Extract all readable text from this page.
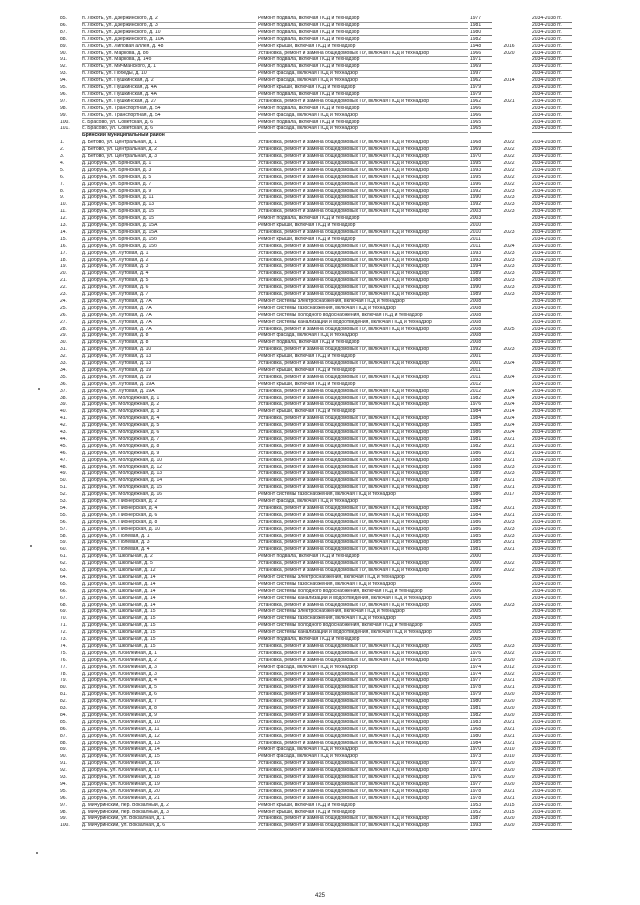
85.	п. Локоть, ул. Дзержинского, д. 2	Ремонт подвала, включая ПСД и технадзор	1977	2034-2038 гг.
86.	п. Локоть, ул. Дзержинского, д. 3	Ремонт подвала, включая ПСД и технадзор	1981	2034-2038 гг.
87.	п. Локоть, ул. Дзержинского, д. 10	Ремонт подвала, включая ПСД и технадзор	1980	2034-2038 гг.
88.	п. Локоть, ул. Дзержинского, д. 10А	Ремонт подвала, включая ПСД и технадзор	1982	2034-2038 гг.
89.	п. Локоть, ул. Липовая аллея, д. 48	Ремонт крыши, включая ПСД и технадзор	1948	2016	2034-2038 гг.
90.	п. Локоть, ул. Маркова, д. 8б	Установка, ремонт и замена общедомовых ПУ, включая ПСД и технадзор	1966	2020	2034-2038 гг.
91.	п. Локоть, ул. Маркова, д. 14б	Ремонт подвала, включая ПСД и технадзор	1971	2034-2038 гг.
92.	п. Локоть, ул. Мичманского, д. 1	Ремонт подвала, включая ПСД и технадзор	1969	2034-2038 гг.
93.	п. Локоть, ул. Победы, д. 10	Ремонт фасада, включая ПСД и технадзор	1997	2034-2038 гг.
94.	п. Локоть, ул. Пушкинская, д. 2	Ремонт фасада, включая ПСД и технадзор	1962	2014	2034-2038 гг.
95.	п. Локоть, ул. Пушкинская, д. 4А	Ремонт крыши, включая ПСД и технадзор	1979	2034-2038 гг.
96.	п. Локоть, ул. Пушкинская, д. 4А	Ремонт подвала, включая ПСД и технадзор	1979	2034-2038 гг.
97.	п. Локоть, ул. Пушкинская, д. 27	Установка, ремонт и замена общедомовых ПУ, включая ПСД и технадзор	1962	2021	2034-2038 гг.
98.	п. Локоть, ул. Транспортная, д. 54	Ремонт подвала, включая ПСД и технадзор	1966	2034-2038 гг.
99.	п. Локоть, ул. Транспортная, д. 54	Ремонт фасада, включая ПСД и технадзор	1966	2034-2038 гг.
100.	с. Брасово, ул. Советская, д. 6	Ремонт подвала, включая ПСД и технадзор	1965	2034-2038 гг.
101.	с. Брасово, ул. Советская, д. 6	Ремонт фасада, включая ПСД и технадзор	1965	2034-2038 гг.
Брянский муниципальный район
1.	д. Бетово, ул. Центральная, д. 1	Установка, ремонт и замена общедомовых ПУ, включая ПСД и технадзор	1968	2022	2034-2038 гг.
2.	д. Бетово, ул. Центральная, д. 2	Установка, ремонт и замена общедомовых ПУ, включая ПСД и технадзор	1969	2022	2034-2038 гг.
3.	д. Бетово, ул. Центральная, д. 3	Установка, ремонт и замена общедомовых ПУ, включая ПСД и технадзор	1970	2022	2034-2038 гг.
4.	д. Добрунь, ул. Брянская, д. 1	Установка, ремонт и замена общедомовых ПУ, включая ПСД и технадзор	1995	2022	2034-2038 гг.
5.	д. Добрунь, ул. Брянская, д. 3	Установка, ремонт и замена общедомовых ПУ, включая ПСД и технадзор	1993	2022	2034-2038 гг.
6.	д. Добрунь, ул. Брянская, д. 5	Установка, ремонт и замена общедомовых ПУ, включая ПСД и технадзор	1995	2022	2034-2038 гг.
7.	д. Добрунь, ул. Брянская, д. 7	Установка, ремонт и замена общедомовых ПУ, включая ПСД и технадзор	1996	2022	2034-2038 гг.
8.	д. Добрунь, ул. Брянская, д. 9	Установка, ремонт и замена общедомовых ПУ, включая ПСД и технадзор	1992	2023	2034-2038 гг.
9.	д. Добрунь, ул. Брянская, д. 11	Установка, ремонт и замена общедомовых ПУ, включая ПСД и технадзор	1990	2023	2034-2038 гг.
10.	д. Добрунь, ул. Брянская, д. 13	Установка, ремонт и замена общедомовых ПУ, включая ПСД и технадзор	1992	2023	2034-2038 гг.
11.	д. Добрунь, ул. Брянская, д. 15	Установка, ремонт и замена общедомовых ПУ, включая ПСД и технадзор	2003	2023	2034-2038 гг.
12.	д. Добрунь, ул. Брянская, д. 15	Ремонт подвала, включая ПСД и технадзор	2003	2034-2038 гг.
13.	д. Добрунь, ул. Брянская, д. 15А	Ремонт крыши, включая ПСД и технадзор	2010	2034-2038 гг.
14.	д. Добрунь, ул. Брянская, д. 15А	Установка, ремонт и замена общедомовых ПУ, включая ПСД и технадзор	2010	2023	2034-2038 гг.
15.	д. Добрунь, ул. Брянская, д. 15б	Ремонт крыши, включая ПСД и технадзор	2011	2034-2038 гг.
16.	д. Добрунь, ул. Брянская, д. 15б	Установка, ремонт и замена общедомовых ПУ, включая ПСД и технадзор	2011	2024	2034-2038 гг.
17.	д. Добрунь, ул. Лутовая, д. 1	Установка, ремонт и замена общедомовых ПУ, включая ПСД и технадзор	1993	2023	2034-2038 гг.
18.	д. Добрунь, ул. Лутовая, д. 2	Установка, ремонт и замена общедомовых ПУ, включая ПСД и технадзор	1993	2023	2034-2038 гг.
19.	д. Добрунь, ул. Лутовая, д. 3	Установка, ремонт и замена общедомовых ПУ, включая ПСД и технадзор	1994	2023	2034-2038 гг.
20.	д. Добрунь, ул. Лутовая, д. 4	Установка, ремонт и замена общедомовых ПУ, включая ПСД и технадзор	1989	2023	2034-2038 гг.
21.	д. Добрунь, ул. Лутовая, д. 5	Установка, ремонт и замена общедомовых ПУ, включая ПСД и технадзор	1988	2023	2034-2038 гг.
22.	д. Добрунь, ул. Лутовая, д. 6	Установка, ремонт и замена общедомовых ПУ, включая ПСД и технадзор	1990	2023	2034-2038 гг.
23.	д. Добрунь, ул. Лутовая, д. 7	Установка, ремонт и замена общедомовых ПУ, включая ПСД и технадзор	1989	2023	2034-2038 гг.
24.	д. Добрунь, ул. Лутовая, д. 7А	Ремонт системы электроснабжения, включая ПСД и технадзор	2008	2034-2038 гг.
25.	д. Добрунь, ул. Лутовая, д. 7А	Ремонт системы газоснабжения, включая ПСД и технадзор	2008	2034-2038 гг.
26.	д. Добрунь, ул. Лутовая, д. 7А	Ремонт системы холодного водоснабжения, включая ПСД и технадзор	2008	2034-2038 гг.
27.	д. Добрунь, ул. Лутовая, д. 7А	Ремонт системы канализации и водоотведения, включая ПСД и технадзор	2008	2034-2038 гг.
28.	д. Добрунь, ул. Лутовая, д. 7А	Установка, ремонт и замена общедомовых ПУ, включая ПСД и технадзор	2008	2025	2034-2038 гг.
29.	д. Добрунь, ул. Лутовая, д. 8	Ремонт фасада, включая ПСД и технадзор	2008	2034-2038 гг.
30.	д. Добрунь, ул. Лутовая, д. 8	Ремонт подвала, включая ПСД и технадзор	2008	2034-2038 гг.
31.	д. Добрунь, ул. Лутовая, д. 10	Установка, ремонт и замена общедомовых ПУ, включая ПСД и технадзор	1992	2023	2034-2038 гг.
32.	д. Добрунь, ул. Лутовая, д. 13	Ремонт крыши, включая ПСД и технадзор	2001	2034-2038 гг.
33.	д. Добрунь, ул. Лутовая, д. 13	Установка, ремонт и замена общедомовых ПУ, включая ПСД и технадзор	2001	2024	2034-2038 гг.
34.	д. Добрунь, ул. Лутовая, д. 19	Ремонт крыши, включая ПСД и технадзор	2011	2034-2038 гг.
35.	д. Добрунь, ул. Лутовая, д. 19	Установка, ремонт и замена общедомовых ПУ, включая ПСД и технадзор	2011	2024	2034-2038 гг.
36.	д. Добрунь, ул. Лутовая, д. 19А	Ремонт крыши, включая ПСД и технадзор	2012	2034-2038 гг.
37.	д. Добрунь, ул. Лутовая, д. 19А	Установка, ремонт и замена общедомовых ПУ, включая ПСД и технадзор	2012	2024	2034-2038 гг.
38.	д. Добрунь, ул. Молодежная, д. 1	Установка, ремонт и замена общедомовых ПУ, включая ПСД и технадзор	1982	2024	2034-2038 гг.
39.	д. Добрунь, ул. Молодежная, д. 2	Установка, ремонт и замена общедомовых ПУ, включая ПСД и технадзор	1976	2024	2034-2038 гг.
40.	д. Добрунь, ул. Молодежная, д. 3	Ремонт крыши, включая ПСД и технадзор	1984	2014	2034-2038 гг.
41.	д. Добрунь, ул. Молодежная, д. 4	Установка, ремонт и замена общедомовых ПУ, включая ПСД и технадзор	1984	2024	2034-2038 гг.
42.	д. Добрунь, ул. Молодежная, д. 5	Установка, ремонт и замена общедомовых ПУ, включая ПСД и технадзор	1985	2024	2034-2038 гг.
43.	д. Добрунь, ул. Молодежная, д. 6	Установка, ремонт и замена общедомовых ПУ, включая ПСД и технадзор	1986	2024	2034-2038 гг.
44.	д. Добрунь, ул. Молодежная, д. 7	Установка, ремонт и замена общедомовых ПУ, включая ПСД и технадзор	1981	2021	2034-2038 гг.
45.	д. Добрунь, ул. Молодежная, д. 8	Установка, ремонт и замена общедомовых ПУ, включая ПСД и технадзор	1982	2021	2034-2038 гг.
46.	д. Добрунь, ул. Молодежная, д. 9	Установка, ремонт и замена общедомовых ПУ, включая ПСД и технадзор	1986	2021	2034-2038 гг.
47.	д. Добрунь, ул. Молодежная, д. 10	Установка, ремонт и замена общедомовых ПУ, включая ПСД и технадзор	1988	2021	2034-2038 гг.
48.	д. Добрунь, ул. Молодежная, д. 12	Установка, ремонт и замена общедомовых ПУ, включая ПСД и технадзор	1988	2023	2034-2038 гг.
49.	д. Добрунь, ул. Молодежная, д. 13	Установка, ремонт и замена общедомовых ПУ, включая ПСД и технадзор	1989	2023	2034-2038 гг.
50.	д. Добрунь, ул. Молодежная, д. 14	Установка, ремонт и замена общедомовых ПУ, включая ПСД и технадзор	1987	2021	2034-2038 гг.
51.	д. Добрунь, ул. Молодежная, д. 15	Установка, ремонт и замена общедомовых ПУ, включая ПСД и технадзор	1987	2021	2034-2038 гг.
52.	д. Добрунь, ул. Молодежная, д. 16	Ремонт системы газоснабжения, включая ПСД и технадзор	1986	2017	2034-2038 гг.
53.	д. Добрунь, ул. Пионерская, д. 2	Ремонт фасада, включая ПСД и технадзор	1984	2034-2038 гг.
54.	д. Добрунь, ул. Пионерская, д. 4	Установка, ремонт и замена общедомовых ПУ, включая ПСД и технадзор	1982	2021	2034-2038 гг.
55.	д. Добрунь, ул. Пионерская, д. 6	Установка, ремонт и замена общедомовых ПУ, включая ПСД и технадзор	1984	2021	2034-2038 гг.
56.	д. Добрунь, ул. Пионерская, д. 8	Установка, ремонт и замена общедомовых ПУ, включая ПСД и технадзор	1986	2023	2034-2038 гг.
57.	д. Добрунь, ул. Пионерская, д. 10	Установка, ремонт и замена общедомовых ПУ, включая ПСД и технадзор	1986	2023	2034-2038 гг.
58.	д. Добрунь, ул. Полевая, д. 1	Установка, ремонт и замена общедомовых ПУ, включая ПСД и технадзор	1985	2023	2034-2038 гг.
59.	д. Добрунь, ул. Полевая, д. 3	Установка, ремонт и замена общедомовых ПУ, включая ПСД и технадзор	1985	2021	2034-2038 гг.
60.	д. Добрунь, ул. Полевая, д. 4	Установка, ремонт и замена общедомовых ПУ, включая ПСД и технадзор	1981	2021	2034-2038 гг.
61.	д. Добрунь, ул. Школьная, д. 2	Ремонт подвала, включая ПСД и технадзор	2000	2034-2038 гг.
62.	д. Добрунь, ул. Школьная, д. 5	Установка, ремонт и замена общедомовых ПУ, включая ПСД и технадзор	2000	2022	2034-2038 гг.
63.	д. Добрунь, ул. Школьная, д. 12	Установка, ремонт и замена общедомовых ПУ, включая ПСД и технадзор	1999	2022	2034-2038 гг.
64.	д. Добрунь, ул. Школьная, д. 14	Ремонт системы электроснабжения, включая ПСД и технадзор	2006	2034-2038 гг.
65.	д. Добрунь, ул. Школьная, д. 14	Ремонт системы газоснабжения, включая ПСД и технадзор	2006	2034-2038 гг.
66.	д. Добрунь, ул. Школьная, д. 14	Ремонт системы холодного водоснабжения, включая ПСД и технадзор	2006	2034-2038 гг.
67.	д. Добрунь, ул. Школьная, д. 14	Ремонт системы канализации и водоотведения, включая ПСД и технадзор	2006	2034-2038 гг.
68.	д. Добрунь, ул. Школьная, д. 14	Установка, ремонт и замена общедомовых ПУ, включая ПСД и технадзор	2006	2023	2034-2038 гг.
69.	д. Добрунь, ул. Школьная, д. 15	Ремонт системы электроснабжения, включая ПСД и технадзор	2005	2034-2038 гг.
70.	д. Добрунь, ул. Школьная, д. 15	Ремонт системы газоснабжения, включая ПСД и технадзор	2005	2034-2038 гг.
71.	д. Добрунь, ул. Школьная, д. 15	Ремонт системы холодного водоснабжения, включая ПСД и технадзор	2005	2034-2038 гг.
72.	д. Добрунь, ул. Школьная, д. 15	Ремонт системы канализации и водоотведения, включая ПСД и технадзор	2005	2034-2038 гг.
73.	д. Добрунь, ул. Школьная, д. 15	Ремонт подвала, включая ПСД и технадзор	2005	2034-2038 гг.
74.	д. Добрунь, ул. Школьная, д. 15	Установка, ремонт и замена общедомовых ПУ, включая ПСД и технадзор	2005	2023	2034-2038 гг.
75.	д. Добрунь, ул. Юбилейная, д. 1	Установка, ремонт и замена общедомовых ПУ, включая ПСД и технадзор	1976	2022	2034-2038 гг.
76.	д. Добрунь, ул. Юбилейная, д. 2	Установка, ремонт и замена общедомовых ПУ, включая ПСД и технадзор	1975	2020	2034-2038 гг.
77.	д. Добрунь, ул. Юбилейная, д. 3	Ремонт фасада, включая ПСД и технадзор	1974	2012	2034-2038 гг.
78.	д. Добрунь, ул. Юбилейная, д. 3	Установка, ремонт и замена общедомовых ПУ, включая ПСД и технадзор	1974	2022	2034-2038 гг.
79.	д. Добрунь, ул. Юбилейная, д. 4	Установка, ремонт и замена общедомовых ПУ, включая ПСД и технадзор	1977	2021	2034-2038 гг.
80.	д. Добрунь, ул. Юбилейная, д. 5	Установка, ремонт и замена общедомовых ПУ, включая ПСД и технадзор	1978	2021	2034-2038 гг.
81.	д. Добрунь, ул. Юбилейная, д. 6	Установка, ремонт и замена общедомовых ПУ, включая ПСД и технадзор	1979	2020	2034-2038 гг.
82.	д. Добрунь, ул. Юбилейная, д. 7	Установка, ремонт и замена общедомовых ПУ, включая ПСД и технадзор	1980	2020	2034-2038 гг.
83.	д. Добрунь, ул. Юбилейная, д. 8	Установка, ремонт и замена общедомовых ПУ, включая ПСД и технадзор	1981	2020	2034-2038 гг.
84.	д. Добрунь, ул. Юбилейная, д. 9	Установка, ремонт и замена общедомовых ПУ, включая ПСД и технадзор	1982	2020	2034-2038 гг.
85.	д. Добрунь, ул. Юбилейная, д. 10	Установка, ремонт и замена общедомовых ПУ, включая ПСД и технадзор	1983	2021	2034-2038 гг.
86.	д. Добрунь, ул. Юбилейная, д. 11	Установка, ремонт и замена общедомовых ПУ, включая ПСД и технадзор	1968	2021	2034-2038 гг.
87.	д. Добрунь, ул. Юбилейная, д. 12	Установка, ремонт и замена общедомовых ПУ, включая ПСД и технадзор	1980	2021	2034-2038 гг.
88.	д. Добрунь, ул. Юбилейная, д. 13	Установка, ремонт и замена общедомовых ПУ, включая ПСД и технадзор	1984	2021	2034-2038 гг.
89.	д. Добрунь, ул. Юбилейная, д. 14	Ремонт фасада, включая ПСД и технадзор	1970	2010	2034-2038 гг.
90.	д. Добрунь, ул. Юбилейная, д. 15	Ремонт фасада, включая ПСД и технадзор	1973	2010	2034-2038 гг.
91.	д. Добрунь, ул. Юбилейная, д. 16	Установка, ремонт и замена общедомовых ПУ, включая ПСД и технадзор	1973	2020	2034-2038 гг.
92.	д. Добрунь, ул. Юбилейная, д. 17	Установка, ремонт и замена общедомовых ПУ, включая ПСД и технадзор	1971	2020	2034-2038 гг.
93.	д. Добрунь, ул. Юбилейная, д. 18	Установка, ремонт и замена общедомовых ПУ, включая ПСД и технадзор	1976	2020	2034-2038 гг.
94.	д. Добрунь, ул. Юбилейная, д. 19	Установка, ремонт и замена общедомовых ПУ, включая ПСД и технадзор	1977	2020	2034-2038 гг.
95.	д. Добрунь, ул. Юбилейная, д. 20	Установка, ремонт и замена общедомовых ПУ, включая ПСД и технадзор	1978	2021	2034-2038 гг.
96.	д. Добрунь, ул. Юбилейная, д. 21	Установка, ремонт и замена общедомовых ПУ, включая ПСД и технадзор	1978	2021	2034-2038 гг.
97.	д. Мичуринский, пер. Вокзалный, д. 2	Ремонт крыши, включая ПСД и технадзор	1953	2015	2034-2038 гг.
98.	д. Мичуринский, пер. Вокзалный, д. 3	Ремонт крыши, включая ПСД и технадзор	1952	2015	2034-2038 гг.
99.	д. Мичуринский, ул. Вокзалная, д. 1	Установка, ремонт и замена общедомовых ПУ, включая ПСД и технадзор	1987	2020	2034-2038 гг.
100.	д. Мичуринский, ул. Вокзалная, д. 6	Установка, ремонт и замена общедомовых ПУ, включая ПСД и технадзор	1993	2020	2034-2038 гг.
425
